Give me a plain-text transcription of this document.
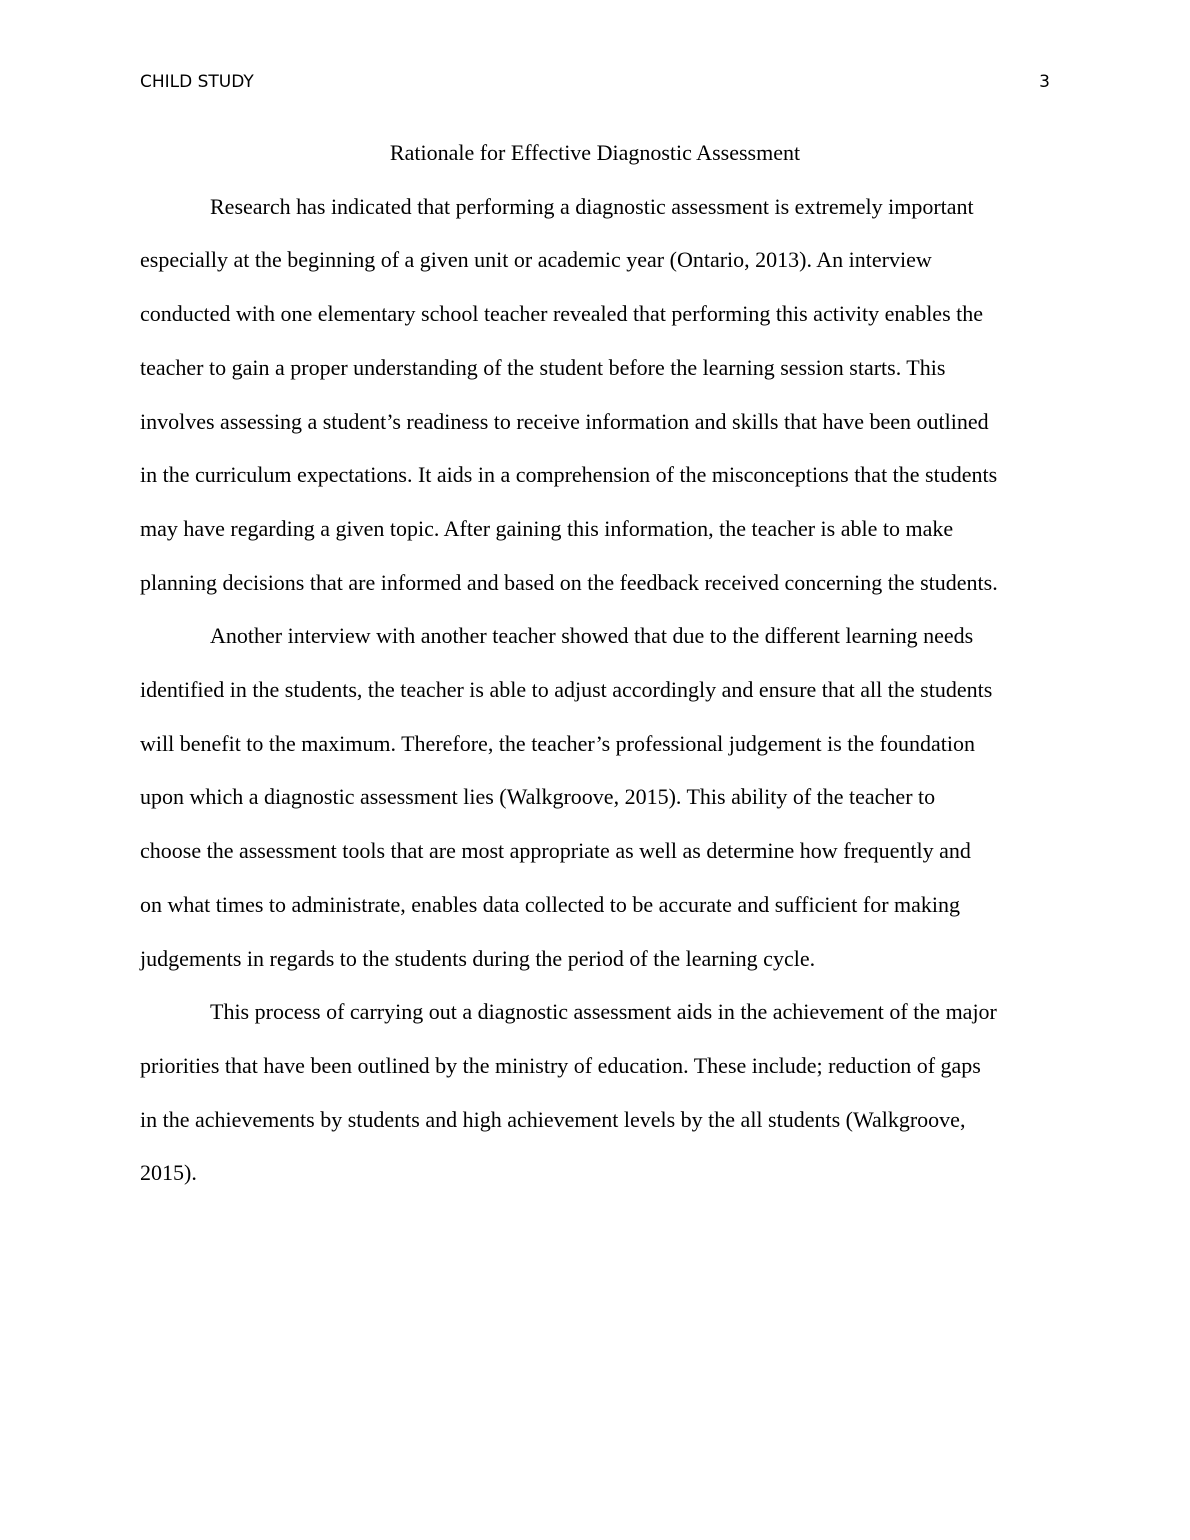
CHILD STUDY	3
Rationale for Effective Diagnostic Assessment

Research has indicated that performing a diagnostic assessment is extremely important
especially at the beginning of a given unit or academic year (Ontario, 2013). An interview
conducted with one elementary school teacher revealed that performing this activity enables the
teacher to gain a proper understanding of the student before the learning session starts. This
involves assessing a student’s readiness to receive information and skills that have been outlined
in the curriculum expectations. It aids in a comprehension of the misconceptions that the students
may have regarding a given topic. After gaining this information, the teacher is able to make
planning decisions that are informed and based on the feedback received concerning the students.

Another interview with another teacher showed that due to the different learning needs
identified in the students, the teacher is able to adjust accordingly and ensure that all the students
will benefit to the maximum. Therefore, the teacher’s professional judgement is the foundation
upon which a diagnostic assessment lies (Walkgroove, 2015). This ability of the teacher to
choose the assessment tools that are most appropriate as well as determine how frequently and
on what times to administrate, enables data collected to be accurate and sufficient for making
judgements in regards to the students during the period of the learning cycle.

This process of carrying out a diagnostic assessment aids in the achievement of the major
priorities that have been outlined by the ministry of education. These include; reduction of gaps
in the achievements by students and high achievement levels by the all students (Walkgroove,
2015).
